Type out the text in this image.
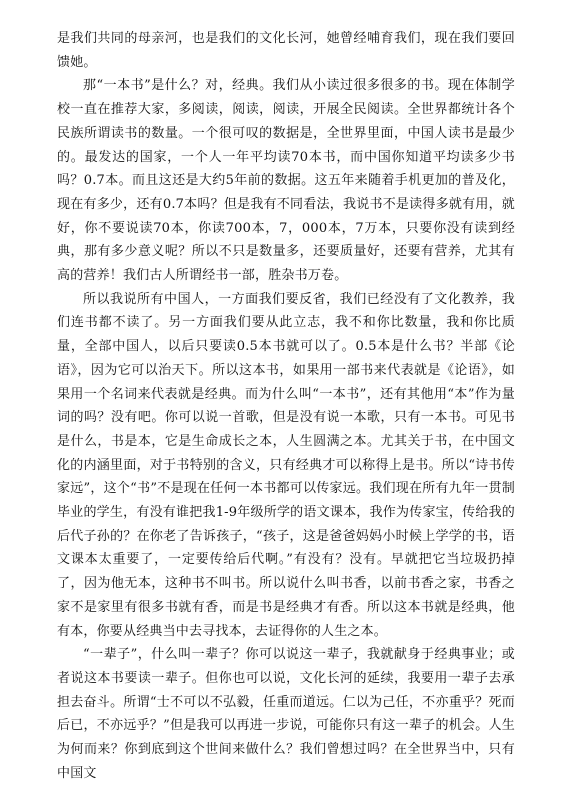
是我们共同的母亲河，也是我们的文化长河，她曾经哺育我们，现在我们要回馈她。

那“一本书”是什么？对，经典。我们从小读过很多很多的书。现在体制学校一直在推荐大家，多阅读，阅读，阅读，开展全民阅读。全世界都统计各个民族所谓读书的数量。一个很可叹的数据是，全世界里面，中国人读书是最少的。最发达的国家，一个人一年平均读70本书，而中国你知道平均读多少书吗？0.7本。而且这还是大约5年前的数据。这五年来随着手机更加的普及化，现在有多少，还有0.7本吗？但是我有不同看法，我说书不是读得多就有用，就好，你不要说读70本，你读700本，7，000本，7万本，只要你没有读到经典，那有多少意义呢？所以不只是数量多，还要质量好，还要有营养，尤其有高的营养！我们古人所谓经书一部，胜杂书万卷。

所以我说所有中国人，一方面我们要反省，我们已经没有了文化教养，我们连书都不读了。另一方面我们要从此立志，我不和你比数量，我和你比质量，全部中国人，以后只要读0.5本书就可以了。0.5本是什么书？半部《论语》，因为它可以治天下。所以这本书，如果用一部书来代表就是《论语》，如果用一个名词来代表就是经典。而为什么叫“一本书”，还有其他用“本”作为量词的吗？没有吧。你可以说一首歌，但是没有说一本歌，只有一本书。可见书是什么，书是本，它是生命成长之本，人生圆满之本。尤其关于书，在中国文化的内涵里面，对于书特别的含义，只有经典才可以称得上是书。所以“诗书传家远”，这个“书”不是现在任何一本书都可以传家远。我们现在所有九年一贯制毕业的学生，有没有谁把我1-9年级所学的语文课本，我作为传家宝，传给我的后代子孙的？在你老了告诉孩子，“孩子，这是爸爸妈妈小时候上学学的书，语文课本太重要了，一定要传给后代啊。”有没有？没有。早就把它当垃圾扔掉了，因为他无本，这种书不叫书。所以说什么叫书香，以前书香之家，书香之家不是家里有很多书就有香，而是书是经典才有香。所以这本书就是经典，他有本，你要从经典当中去寻找本，去证得你的人生之本。

“一辈子”，什么叫一辈子？你可以说这一辈子，我就献身于经典事业；或者说这本书要读一辈子。但你也可以说，文化长河的延续，我要用一辈子去承担去奋斗。所谓“士不可以不弘毅，任重而道远。仁以为己任，不亦重乎？死而后已，不亦远乎？”但是我可以再进一步说，可能你只有这一辈子的机会。人生为何而来？你到底到这个世间来做什么？我们曾想过吗？在全世界当中，只有中国文
